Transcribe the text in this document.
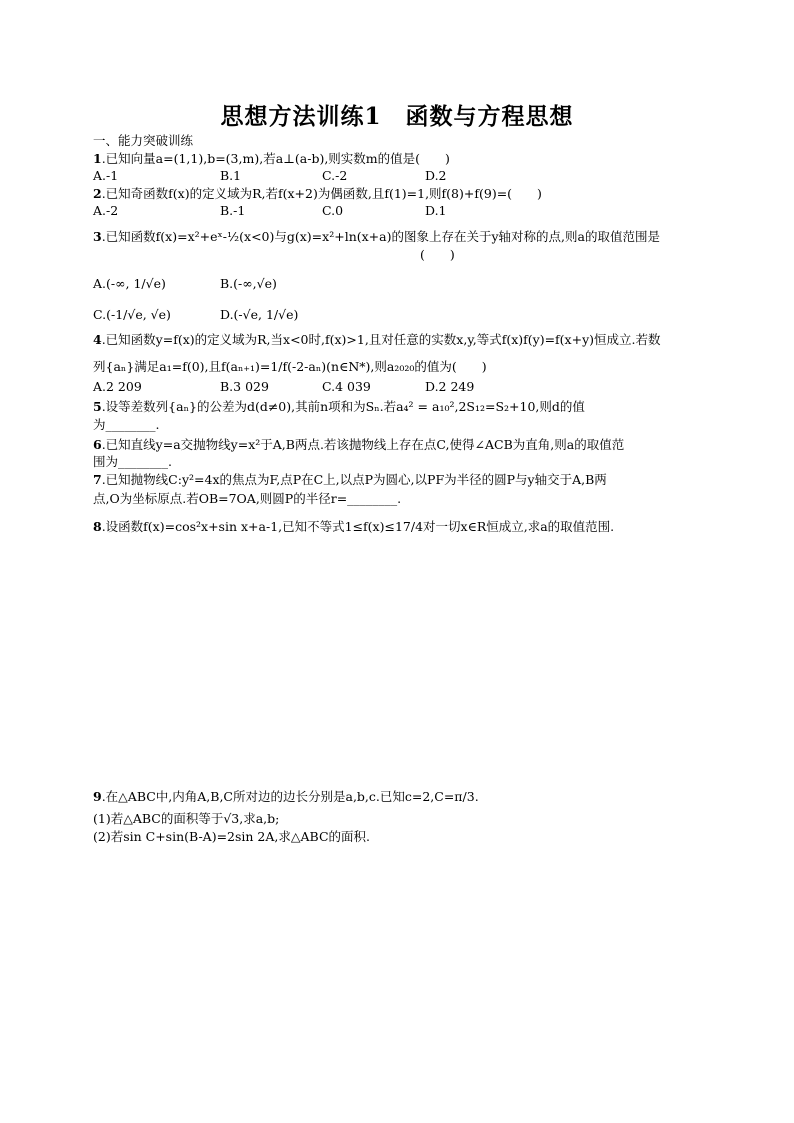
思想方法训练1　函数与方程思想
一、能力突破训练
1.已知向量a=(1,1),b=(3,m),若a⊥(a-b),则实数m的值是(　　)
A.-1	B.1	C.-2	D.2
2.已知奇函数f(x)的定义域为R,若f(x+2)为偶函数,且f(1)=1,则f(8)+f(9)=(　　)
A.-2	B.-1	C.0	D.1
3.已知函数f(x)=x²+eˣ-½(x<0)与g(x)=x²+ln(x+a)的图象上存在关于y轴对称的点,则a的取值范围是
(　　)
A.(-∞, 1/√e)	B.(-∞,√e)
C.(-1/√e, √e)	D.(-√e, 1/√e)
4.已知函数y=f(x)的定义域为R,当x<0时,f(x)>1,且对任意的实数x,y,等式f(x)f(y)=f(x+y)恒成立.若数
列{aₙ}满足a₁=f(0),且f(aₙ₊₁)=1/f(-2-aₙ)(n∈N*),则a₂₀₂₀的值为(　　)
A.2 209	B.3 029	C.4 039	D.2 249
5.设等差数列{aₙ}的公差为d(d≠0),其前n项和为Sₙ.若a₄² = a₁₀²,2S₁₂=S₂+10,则d的值
为________.
6.已知直线y=a交抛物线y=x²于A,B两点.若该抛物线上存在点C,使得∠ACB为直角,则a的取值范
围为________.
7.已知抛物线C:y²=4x的焦点为F,点P在C上,以点P为圆心,以PF为半径的圆P与y轴交于A,B两
点,O为坐标原点.若OB=7OA,则圆P的半径r=________.
8.设函数f(x)=cos²x+sin x+a-1,已知不等式1≤f(x)≤17/4对一切x∈R恒成立,求a的取值范围.
9.在△ABC中,内角A,B,C所对边的边长分别是a,b,c.已知c=2,C=π/3.
(1)若△ABC的面积等于√3,求a,b;
(2)若sin C+sin(B-A)=2sin 2A,求△ABC的面积.
